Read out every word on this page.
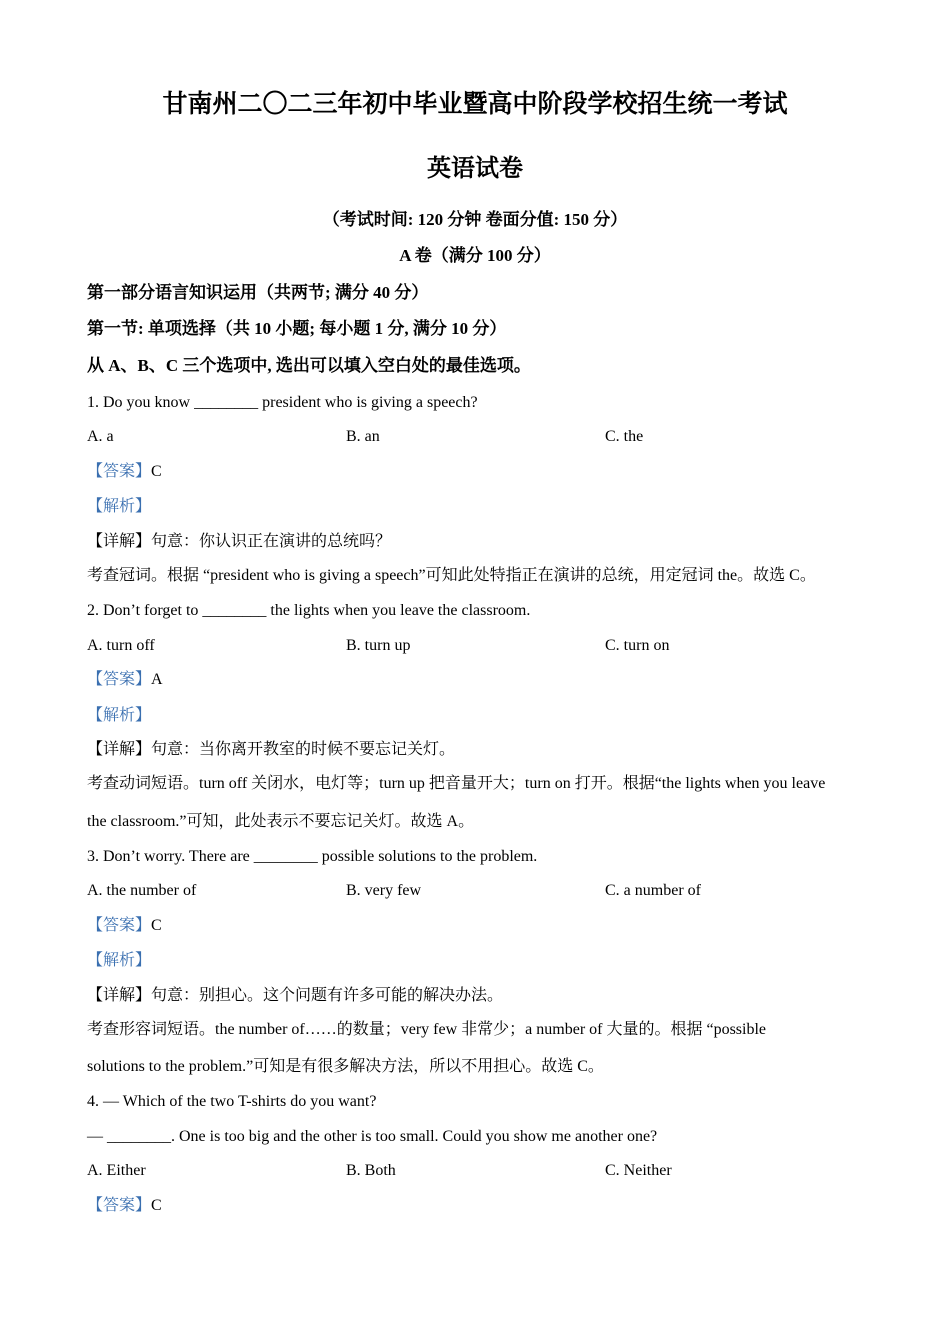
甘南州二〇二三年初中毕业暨高中阶段学校招生统一考试
英语试卷
（考试时间: 120 分钟 卷面分值: 150 分）
A 卷（满分 100 分）
第一部分语言知识运用（共两节; 满分 40 分）
第一节: 单项选择（共 10 小题; 每小题 1 分, 满分 10 分）
从 A、B、C 三个选项中, 选出可以填入空白处的最佳选项。
1. Do you know ________ president who is giving a speech?
A. a	B. an	C. the
【答案】C
【解析】
【详解】句意：你认识正在演讲的总统吗？
考查冠词。根据 “president who is giving a speech”可知此处特指正在演讲的总统，用定冠词 the。故选 C。
2. Don’t forget to ________ the lights when you leave the classroom.
A. turn off	B. turn up	C. turn on
【答案】A
【解析】
【详解】句意：当你离开教室的时候不要忘记关灯。
考查动词短语。turn off 关闭水，电灯等；turn up 把音量开大；turn on 打开。根据“the lights when you leave
the classroom.”可知，此处表示不要忘记关灯。故选 A。
3. Don’t worry. There are ________ possible solutions to the problem.
A. the number of	B. very few	C. a number of
【答案】C
【解析】
【详解】句意：别担心。这个问题有许多可能的解决办法。
考查形容词短语。the number of……的数量；very few 非常少；a number of 大量的。根据 “possible
solutions to the problem.”可知是有很多解决方法，所以不用担心。故选 C。
4. — Which of the two T-shirts do you want?
— ________. One is too big and the other is too small. Could you show me another one?
A. Either	B. Both	C. Neither
【答案】C
